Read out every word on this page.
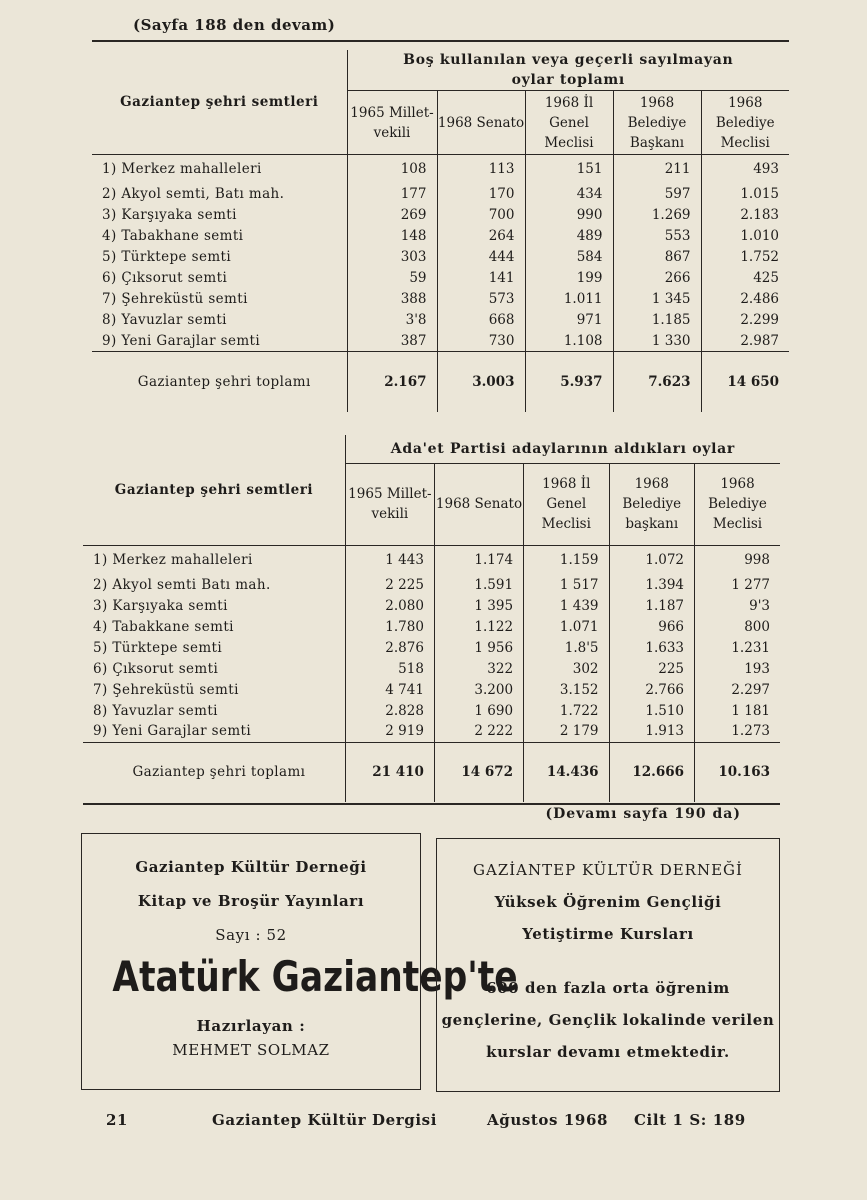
(Sayfa 188 den devam)
Gaziantep şehri semtleri	Boş kullanılan veya geçerli sayılmayan oylar toplamı				
	1965 Millet-vekili	1968 Senato	1968 İl Genel Meclisi	1968 Belediye Başkanı	1968 Belediye Meclisi
1) Merkez mahalleleri	108	113	151	211	493
2) Akyol semti, Batı mah.	177	170	434	597	1.015
3) Karşıyaka semti	269	700	990	1.269	2.183
4) Tabakhane semti	148	264	489	553	1.010
5) Türktepe semti	303	444	584	867	1.752
6) Çıksorut semti	59	141	199	266	425
7) Şehreküstü semti	388	573	1.011	1 345	2.486
8) Yavuzlar semti	3'8	668	971	1.185	2.299
9) Yeni Garajlar semti	387	730	1.108	1 330	2.987
Gaziantep şehri toplamı	2.167	3.003	5.937	7.623	14 650
Gaziantep şehri semtleri	Ada'et Partisi adaylarının aldıkları oylar				
	1965 Millet-vekili	1968 Senato	1968 İl Genel Meclisi	1968 Belediye başkanı	1968 Belediye Meclisi
1) Merkez mahalleleri	1 443	1.174	1.159	1.072	998
2) Akyol semti Batı mah.	2 225	1.591	1 517	1.394	1 277
3) Karşıyaka semti	2.080	1 395	1 439	1.187	9'3
4) Tabakkane semti	1.780	1.122	1.071	966	800
5) Türktepe semti	2.876	1 956	1.8'5	1.633	1.231
6) Çıksorut semti	518	322	302	225	193
7) Şehreküstü semti	4 741	3.200	3.152	2.766	2.297
8) Yavuzlar semti	2.828	1 690	1.722	1.510	1 181
9) Yeni Garajlar semti	2 919	2 222	2 179	1.913	1.273
Gaziantep şehri toplamı	21 410	14 672	14.436	12.666	10.163
(Devamı sayfa 190 da)
Gaziantep Kültür Derneği
Kitap ve Broşür Yayınları
Sayı : 52
Atatürk Gaziantep'te
Hazırlayan :
MEHMET SOLMAZ
GAZİANTEP KÜLTÜR DERNEĞİ
Yüksek Öğrenim Gençliği
Yetiştirme Kursları
600 den fazla orta öğrenim
gençlerine, Gençlik lokalinde verilen
kurslar devamı etmektedir.
21	Gaziantep Kültür Dergisi	Ağustos 1968 Cilt 1 S: 189
